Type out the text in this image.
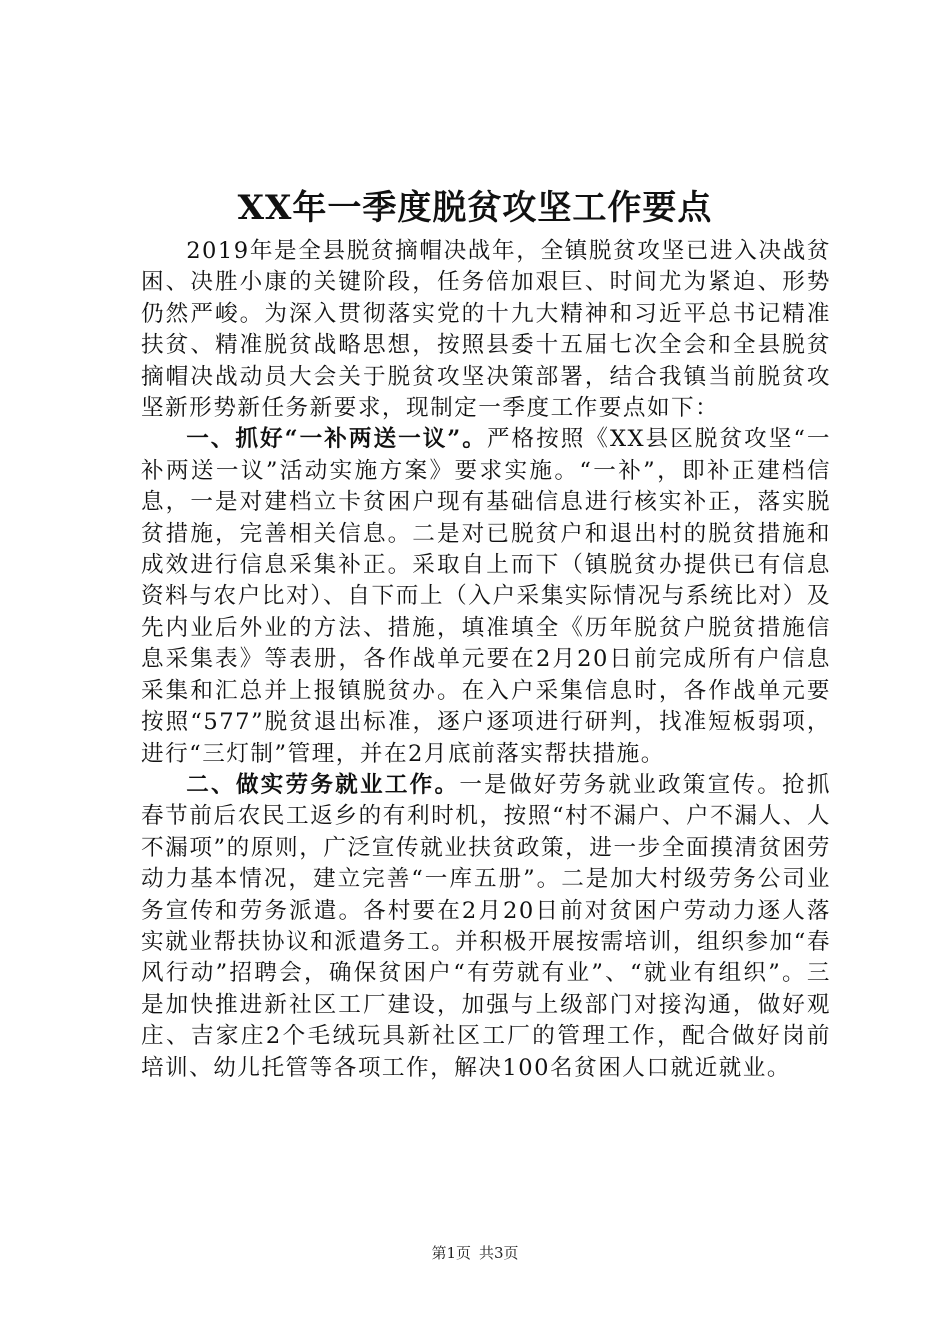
XX年一季度脱贫攻坚工作要点

2019年是全县脱贫摘帽决战年，全镇脱贫攻坚已进入决战贫困、决胜小康的关键阶段，任务倍加艰巨、时间尤为紧迫、形势仍然严峻。为深入贯彻落实党的十九大精神和习近平总书记精准扶贫、精准脱贫战略思想，按照县委十五届七次全会和全县脱贫摘帽决战动员大会关于脱贫攻坚决策部署，结合我镇当前脱贫攻坚新形势新任务新要求，现制定一季度工作要点如下：

一、抓好“一补两送一议”。严格按照《XX县区脱贫攻坚“一补两送一议”活动实施方案》要求实施。“一补”，即补正建档信息，一是对建档立卡贫困户现有基础信息进行核实补正，落实脱贫措施，完善相关信息。二是对已脱贫户和退出村的脱贫措施和成效进行信息采集补正。采取自上而下（镇脱贫办提供已有信息资料与农户比对）、自下而上（入户采集实际情况与系统比对）及先内业后外业的方法、措施，填准填全《历年脱贫户脱贫措施信息采集表》等表册，各作战单元要在2月20日前完成所有户信息采集和汇总并上报镇脱贫办。在入户采集信息时，各作战单元要按照“577”脱贫退出标准，逐户逐项进行研判，找准短板弱项，进行“三灯制”管理，并在2月底前落实帮扶措施。

二、做实劳务就业工作。一是做好劳务就业政策宣传。抢抓春节前后农民工返乡的有利时机，按照“村不漏户、户不漏人、人不漏项”的原则，广泛宣传就业扶贫政策，进一步全面摸清贫困劳动力基本情况，建立完善“一库五册”。二是加大村级劳务公司业务宣传和劳务派遣。各村要在2月20日前对贫困户劳动力逐人落实就业帮扶协议和派遣务工。并积极开展按需培训，组织参加“春风行动”招聘会，确保贫困户“有劳就有业”、“就业有组织”。三是加快推进新社区工厂建设，加强与上级部门对接沟通，做好观庄、吉家庄2个毛绒玩具新社区工厂的管理工作，配合做好岗前培训、幼儿托管等各项工作，解决100名贫困人口就近就业。

第1页 共3页
